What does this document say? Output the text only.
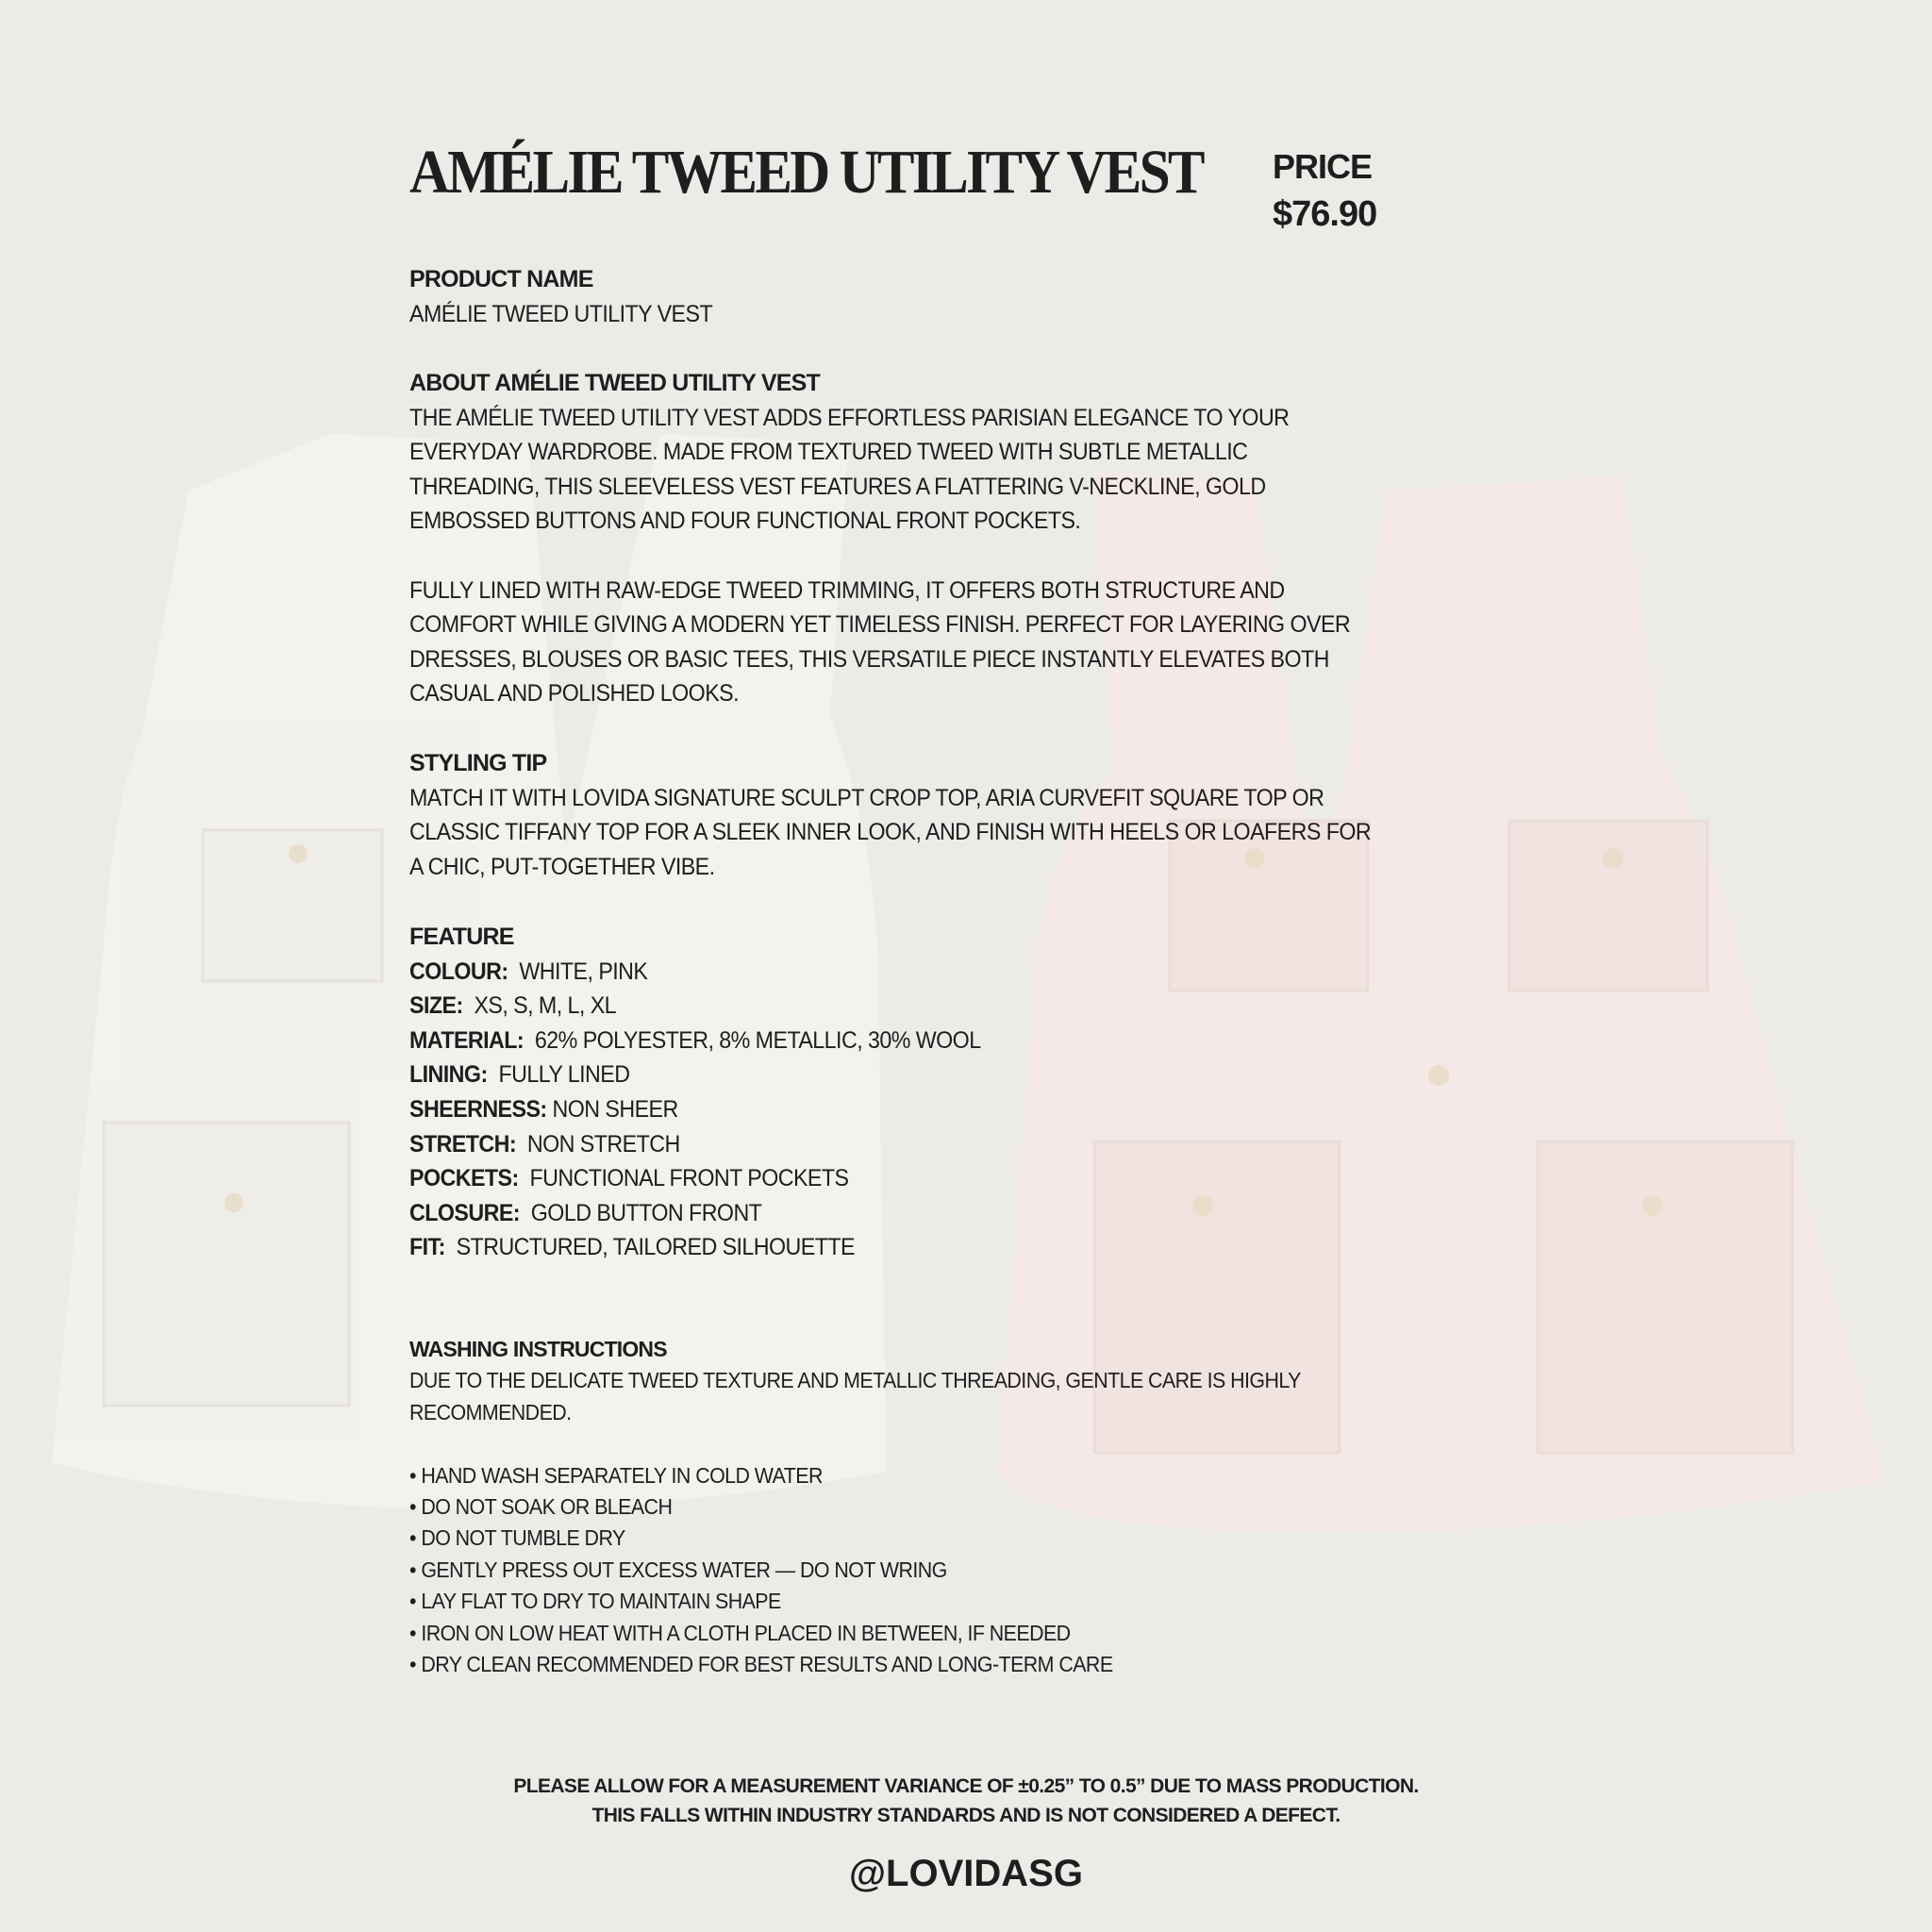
AMÉLIE TWEED UTILITY VEST PRICE
$76.90
PRODUCT NAME
AMÉLIE TWEED UTILITY VEST
ABOUT AMÉLIE TWEED UTILITY VEST
THE AMÉLIE TWEED UTILITY VEST ADDS EFFORTLESS PARISIAN ELEGANCE TO YOUR
EVERYDAY WARDROBE. MADE FROM TEXTURED TWEED WITH SUBTLE METALLIC
THREADING, THIS SLEEVELESS VEST FEATURES A FLATTERING V-NECKLINE, GOLD
EMBOSSED BUTTONS AND FOUR FUNCTIONAL FRONT POCKETS.
FULLY LINED WITH RAW-EDGE TWEED TRIMMING, IT OFFERS BOTH STRUCTURE AND
COMFORT WHILE GIVING A MODERN YET TIMELESS FINISH. PERFECT FOR LAYERING OVER
DRESSES, BLOUSES OR BASIC TEES, THIS VERSATILE PIECE INSTANTLY ELEVATES BOTH
CASUAL AND POLISHED LOOKS.
STYLING TIP
MATCH IT WITH LOVIDA SIGNATURE SCULPT CROP TOP, ARIA CURVEFIT SQUARE TOP OR
CLASSIC TIFFANY TOP FOR A SLEEK INNER LOOK, AND FINISH WITH HEELS OR LOAFERS FOR
A CHIC, PUT-TOGETHER VIBE.
FEATURE
COLOUR: WHITE, PINK
SIZE: XS, S, M, L, XL
MATERIAL: 62% POLYESTER, 8% METALLIC, 30% WOOL
LINING: FULLY LINED
SHEERNESS: NON SHEER
STRETCH: NON STRETCH
POCKETS: FUNCTIONAL FRONT POCKETS
CLOSURE: GOLD BUTTON FRONT
FIT: STRUCTURED, TAILORED SILHOUETTE
WASHING INSTRUCTIONS
DUE TO THE DELICATE TWEED TEXTURE AND METALLIC THREADING, GENTLE CARE IS HIGHLY
RECOMMENDED.
• HAND WASH SEPARATELY IN COLD WATER
• DO NOT SOAK OR BLEACH
• DO NOT TUMBLE DRY
• GENTLY PRESS OUT EXCESS WATER — DO NOT WRING
• LAY FLAT TO DRY TO MAINTAIN SHAPE
• IRON ON LOW HEAT WITH A CLOTH PLACED IN BETWEEN, IF NEEDED
• DRY CLEAN RECOMMENDED FOR BEST RESULTS AND LONG-TERM CARE
PLEASE ALLOW FOR A MEASUREMENT VARIANCE OF ±0.25” TO 0.5” DUE TO MASS PRODUCTION.
THIS FALLS WITHIN INDUSTRY STANDARDS AND IS NOT CONSIDERED A DEFECT.
@LOVIDASG
